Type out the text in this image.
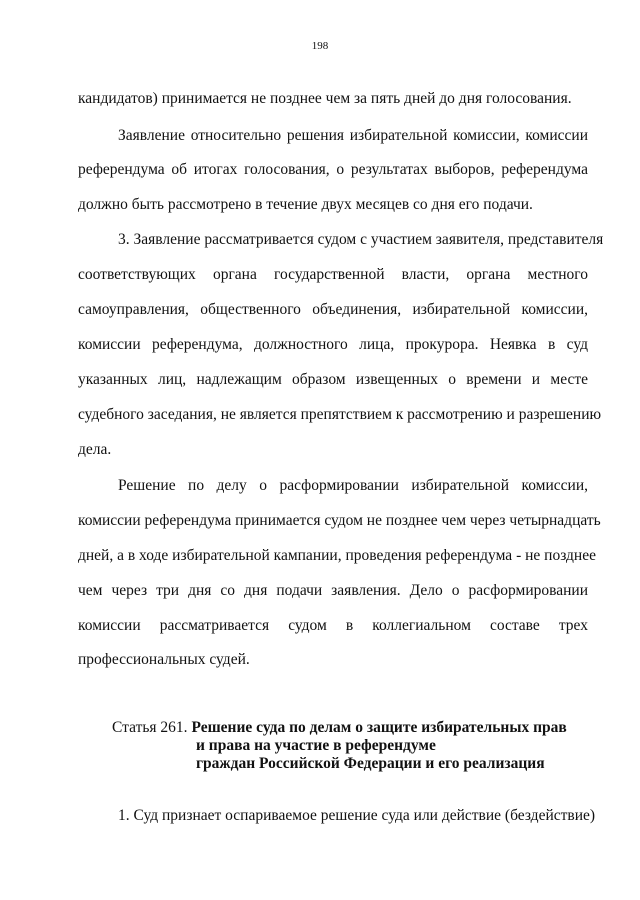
198
кандидатов) принимается не позднее чем за пять дней до дня голосования.
Заявление относительно решения избирательной комиссии, комиссии
референдума об итогах голосования, о результатах выборов, референдума
должно быть рассмотрено в течение двух месяцев со дня его подачи.
3. Заявление рассматривается судом с участием заявителя, представителя
соответствующих органа государственной власти, органа местного
самоуправления, общественного объединения, избирательной комиссии,
комиссии референдума, должностного лица, прокурора. Неявка в суд
указанных лиц, надлежащим образом извещенных о времени и месте
судебного заседания, не является препятствием к рассмотрению и разрешению
дела.
Решение по делу о расформировании избирательной комиссии,
комиссии референдума принимается судом не позднее чем через четырнадцать
дней, а в ходе избирательной кампании, проведения референдума - не позднее
чем через три дня со дня подачи заявления. Дело о расформировании
комиссии рассматривается судом в коллегиальном составе трех
профессиональных судей.
Статья 261. Решение суда по делам о защите избирательных прав
и права на участие в референдуме
граждан Российской Федерации и его реализация
1. Суд признает оспариваемое решение суда или действие (бездействие)
